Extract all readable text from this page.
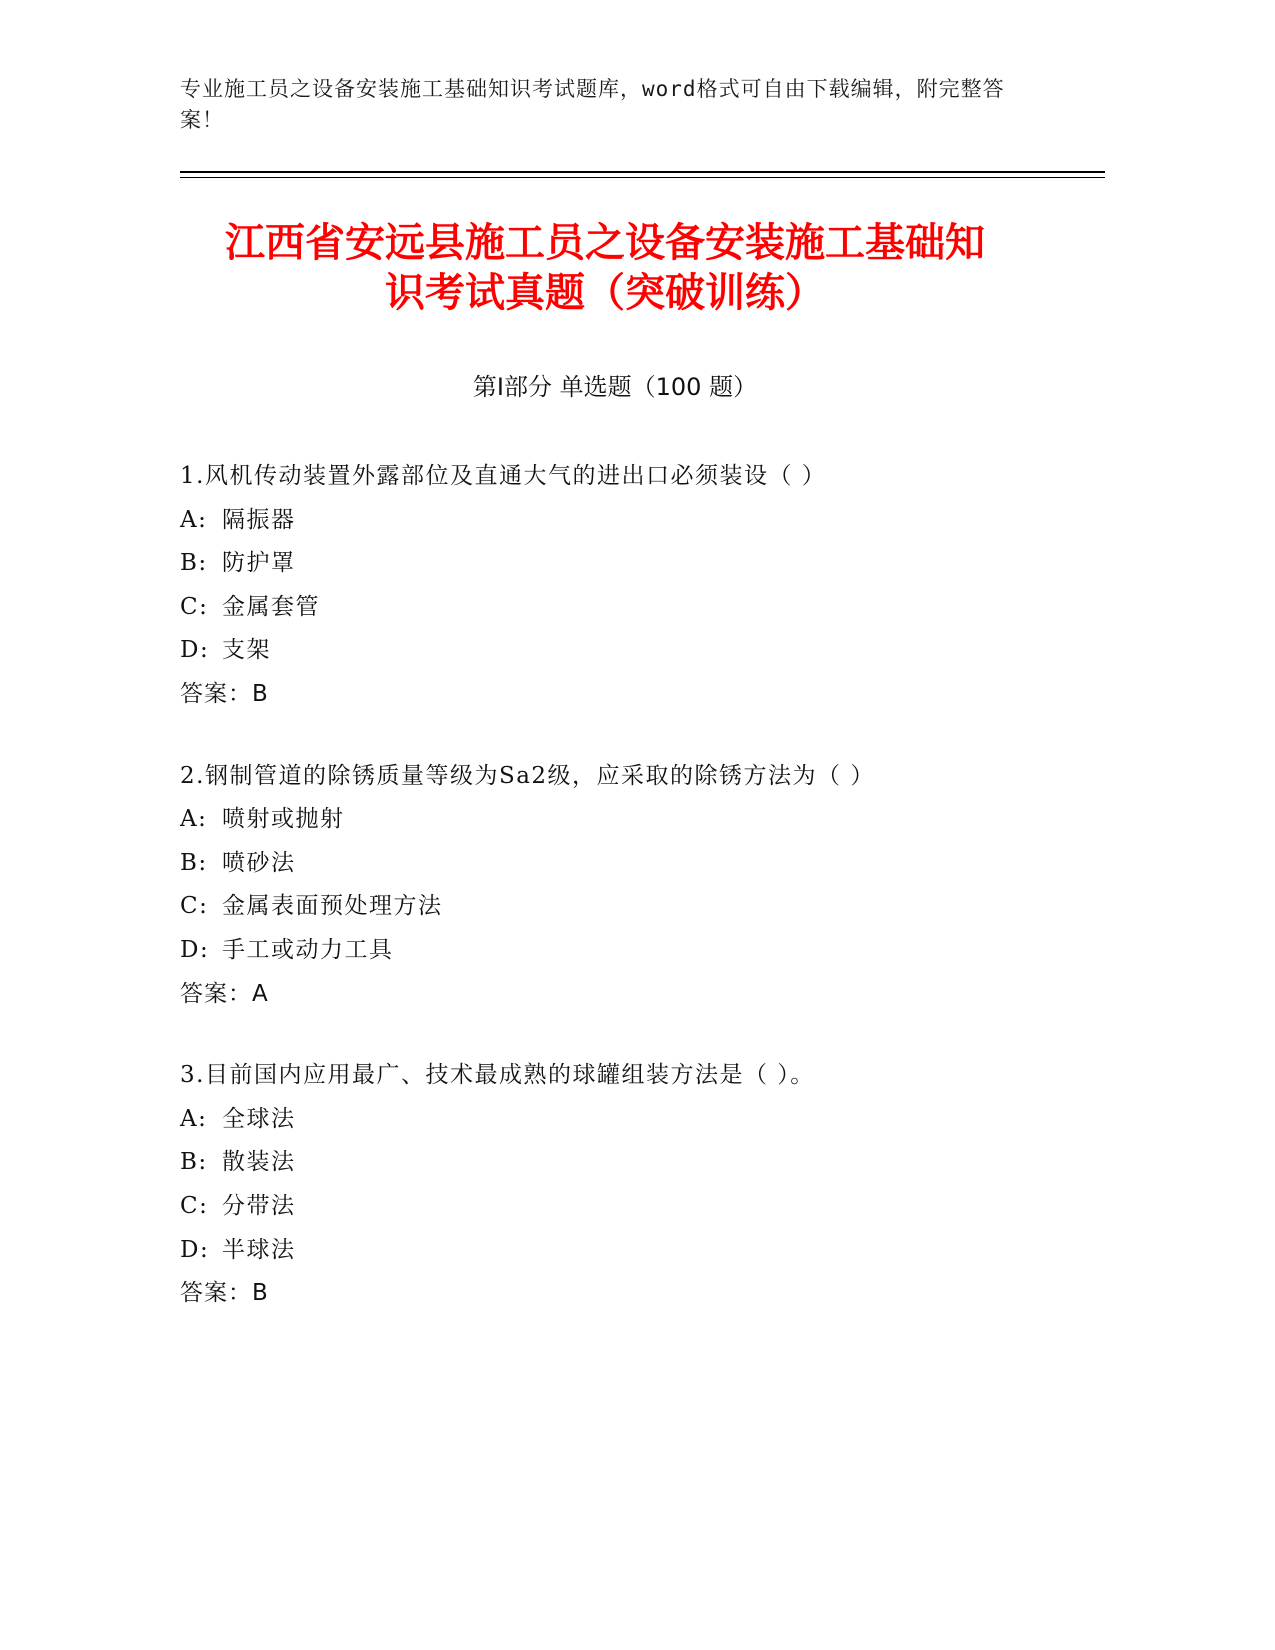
专业施工员之设备安装施工基础知识考试题库，word格式可自由下载编辑，附完整答案！
江西省安远县施工员之设备安装施工基础知
识考试真题（突破训练）
第Ⅰ部分 单选题（100 题）
1.风机传动装置外露部位及直通大气的进出口必须装设（ ）
A: 隔振器
B: 防护罩
C: 金属套管
D: 支架
答案：B
2.钢制管道的除锈质量等级为Sa2级，应采取的除锈方法为（ ）
A: 喷射或抛射
B: 喷砂法
C: 金属表面预处理方法
D: 手工或动力工具
答案：A
3.目前国内应用最广、技术最成熟的球罐组装方法是（ ）。
A: 全球法
B: 散装法
C: 分带法
D: 半球法
答案：B
